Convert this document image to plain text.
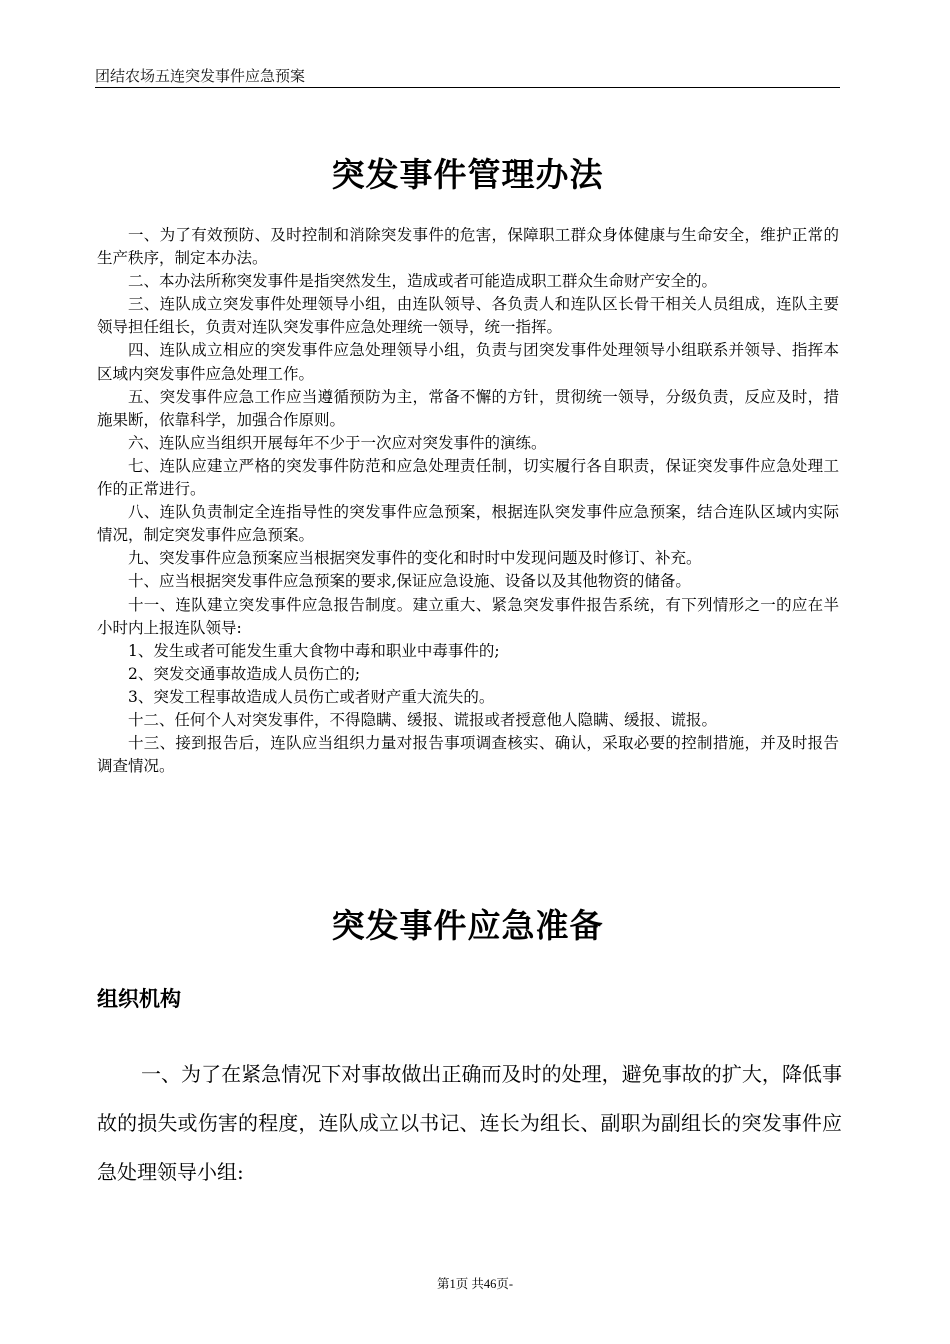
团结农场五连突发事件应急预案
突发事件管理办法

一、为了有效预防、及时控制和消除突发事件的危害，保障职工群众身体健康与生命安全，维护正常的生产秩序，制定本办法。

二、本办法所称突发事件是指突然发生，造成或者可能造成职工群众生命财产安全的。

三、连队成立突发事件处理领导小组，由连队领导、各负责人和连队区长骨干相关人员组成，连队主要领导担任组长，负责对连队突发事件应急处理统一领导，统一指挥。

四、连队成立相应的突发事件应急处理领导小组，负责与团突发事件处理领导小组联系并领导、指挥本区域内突发事件应急处理工作。

五、突发事件应急工作应当遵循预防为主，常备不懈的方针，贯彻统一领导，分级负责，反应及时，措施果断，依靠科学，加强合作原则。

六、连队应当组织开展每年不少于一次应对突发事件的演练。

七、连队应建立严格的突发事件防范和应急处理责任制，切实履行各自职责，保证突发事件应急处理工作的正常进行。

八、连队负责制定全连指导性的突发事件应急预案，根据连队突发事件应急预案，结合连队区域内实际情况，制定突发事件应急预案。

九、突发事件应急预案应当根据突发事件的变化和时时中发现问题及时修订、补充。

十、应当根据突发事件应急预案的要求,保证应急设施、设备以及其他物资的储备。

十一、连队建立突发事件应急报告制度。建立重大、紧急突发事件报告系统，有下列情形之一的应在半小时内上报连队领导:

1、发生或者可能发生重大食物中毒和职业中毒事件的;

2、突发交通事故造成人员伤亡的;

3、突发工程事故造成人员伤亡或者财产重大流失的。

十二、任何个人对突发事件，不得隐瞒、缓报、谎报或者授意他人隐瞒、缓报、谎报。

十三、接到报告后，连队应当组织力量对报告事项调查核实、确认，采取必要的控制措施，并及时报告调查情况。

突发事件应急准备
组织机构

一、为了在紧急情况下对事故做出正确而及时的处理，避免事故的扩大，降低事故的损失或伤害的程度，连队成立以书记、连长为组长、副职为副组长的突发事件应急处理领导小组:

第1页 共46页-
